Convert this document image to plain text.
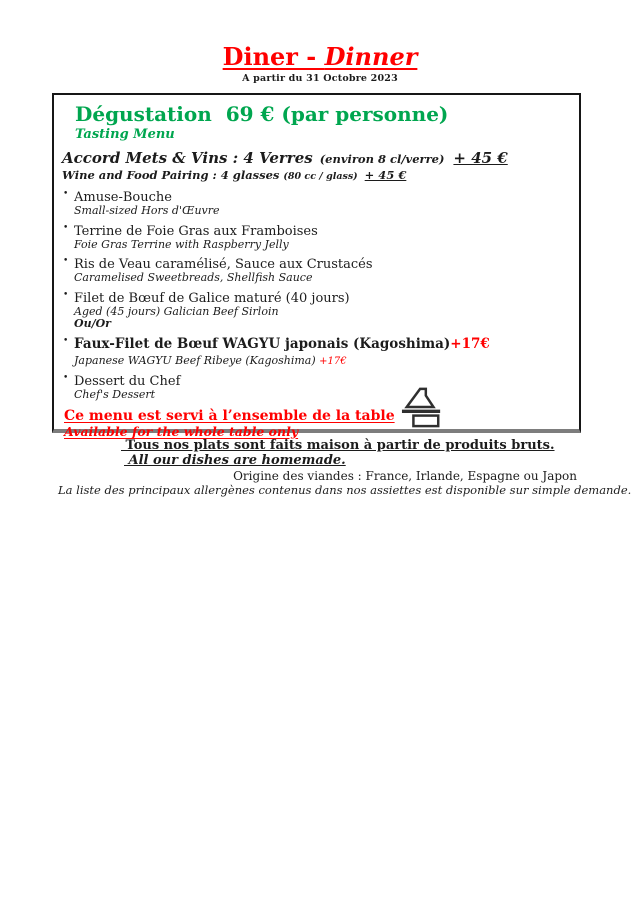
Diner - Dinner
A partir du 31 Octobre 2023
Dégustation  69 € (par personne)
Tasting Menu
Accord Mets & Vins : 4 Verres (environ 8 cl/verre) + 45 €
Wine and Food Pairing : 4 glasses (80 cc / glass) + 45 €
• Amuse-Bouche
Small-sized Hors d'Œuvre
• Terrine de Foie Gras aux Framboises
Foie Gras Terrine with Raspberry Jelly
• Ris de Veau caramélisé, Sauce aux Crustacés
Caramelised Sweetbreads, Shellfish Sauce
• Filet de Bœuf de Galice maturé (40 jours)
Aged (45 jours) Galician Beef Sirloin
Ou/Or
• Faux-Filet de Bœuf WAGYU japonais (Kagoshima)+17€
Japanese WAGYU Beef Ribeye (Kagoshima) +17€
• Dessert du Chef
Chef's Dessert
Ce menu est servi à l’ensemble de la table
Available for the whole table only
Tous nos plats sont faits maison à partir de produits bruts.
All our dishes are homemade.
Origine des viandes : France, Irlande, Espagne ou Japon
La liste des principaux allergènes contenus dans nos assiettes est disponible sur simple demande.
